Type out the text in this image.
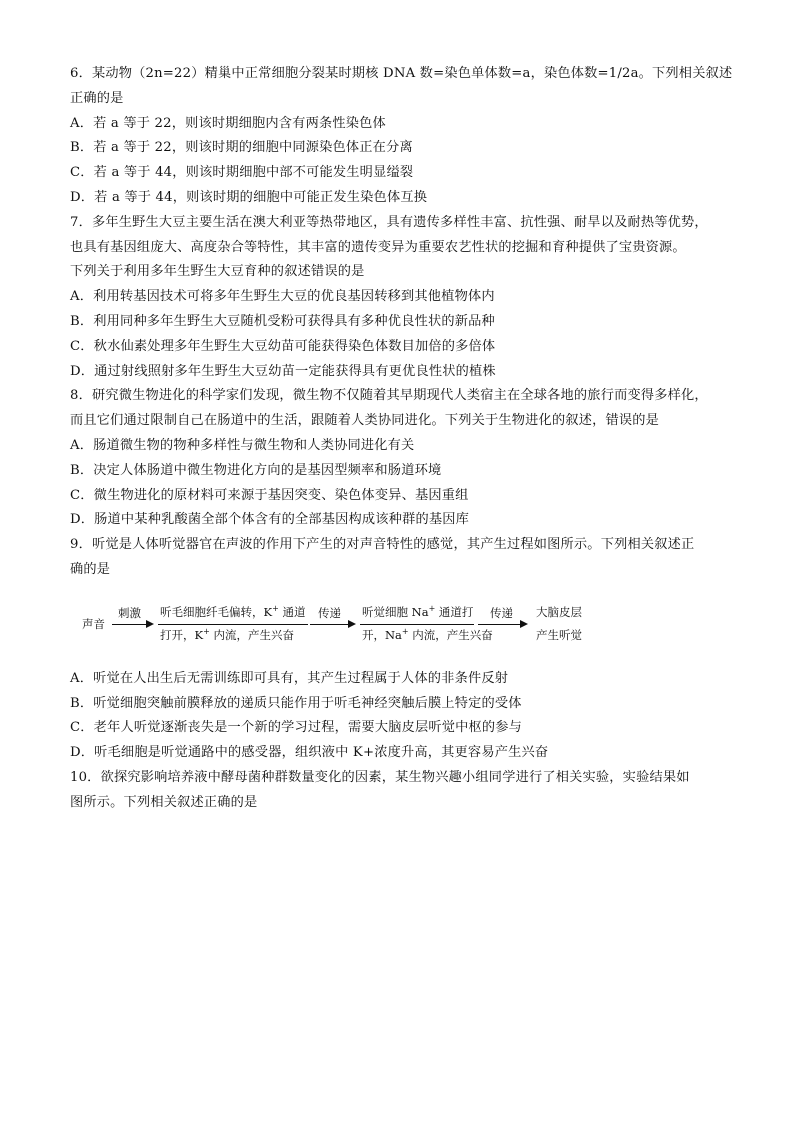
6．某动物（2n=22）精巢中正常细胞分裂某时期核 DNA 数=染色单体数=a，染色体数=1/2a。下列相关叙述

正确的是

A．若 a 等于 22，则该时期细胞内含有两条性染色体

B．若 a 等于 22，则该时期的细胞中同源染色体正在分离

C．若 a 等于 44，则该时期细胞中部不可能发生明显缢裂

D．若 a 等于 44，则该时期的细胞中可能正发生染色体互换

7．多年生野生大豆主要生活在澳大利亚等热带地区，具有遗传多样性丰富、抗性强、耐旱以及耐热等优势，

也具有基因组庞大、高度杂合等特性，其丰富的遗传变异为重要农艺性状的挖掘和育种提供了宝贵资源。

下列关于利用多年生野生大豆育种的叙述错误的是

A．利用转基因技术可将多年生野生大豆的优良基因转移到其他植物体内

B．利用同种多年生野生大豆随机受粉可获得具有多种优良性状的新品种

C．秋水仙素处理多年生野生大豆幼苗可能获得染色体数目加倍的多倍体

D．通过射线照射多年生野生大豆幼苗一定能获得具有更优良性状的植株

8．研究微生物进化的科学家们发现，微生物不仅随着其早期现代人类宿主在全球各地的旅行而变得多样化，

而且它们通过限制自己在肠道中的生活，跟随着人类协同进化。下列关于生物进化的叙述，错误的是

A．肠道微生物的物种多样性与微生物和人类协同进化有关

B．决定人体肠道中微生物进化方向的是基因型频率和肠道环境

C．微生物进化的原材料可来源于基因突变、染色体变异、基因重组

D．肠道中某种乳酸菌全部个体含有的全部基因构成该种群的基因库

9．听觉是人体听觉器官在声波的作用下产生的对声音特性的感觉，其产生过程如图所示。下列相关叙述正

确的是

声音
刺激 听毛细胞纤毛偏转，K+ 通道
打开，K+ 内流，产生兴奋
传递 听觉细胞 Na+ 通道打
开，Na+ 内流，产生兴奋
传递 大脑皮层
产生听觉

A．听觉在人出生后无需训练即可具有，其产生过程属于人体的非条件反射

B．听觉细胞突触前膜释放的递质只能作用于听毛神经突触后膜上特定的受体

C．老年人听觉逐渐丧失是一个新的学习过程，需要大脑皮层听觉中枢的参与

D．听毛细胞是听觉通路中的感受器，组织液中 K+浓度升高，其更容易产生兴奋

10．欲探究影响培养液中酵母菌种群数量变化的因素，某生物兴趣小组同学进行了相关实验，实验结果如

图所示。下列相关叙述正确的是
